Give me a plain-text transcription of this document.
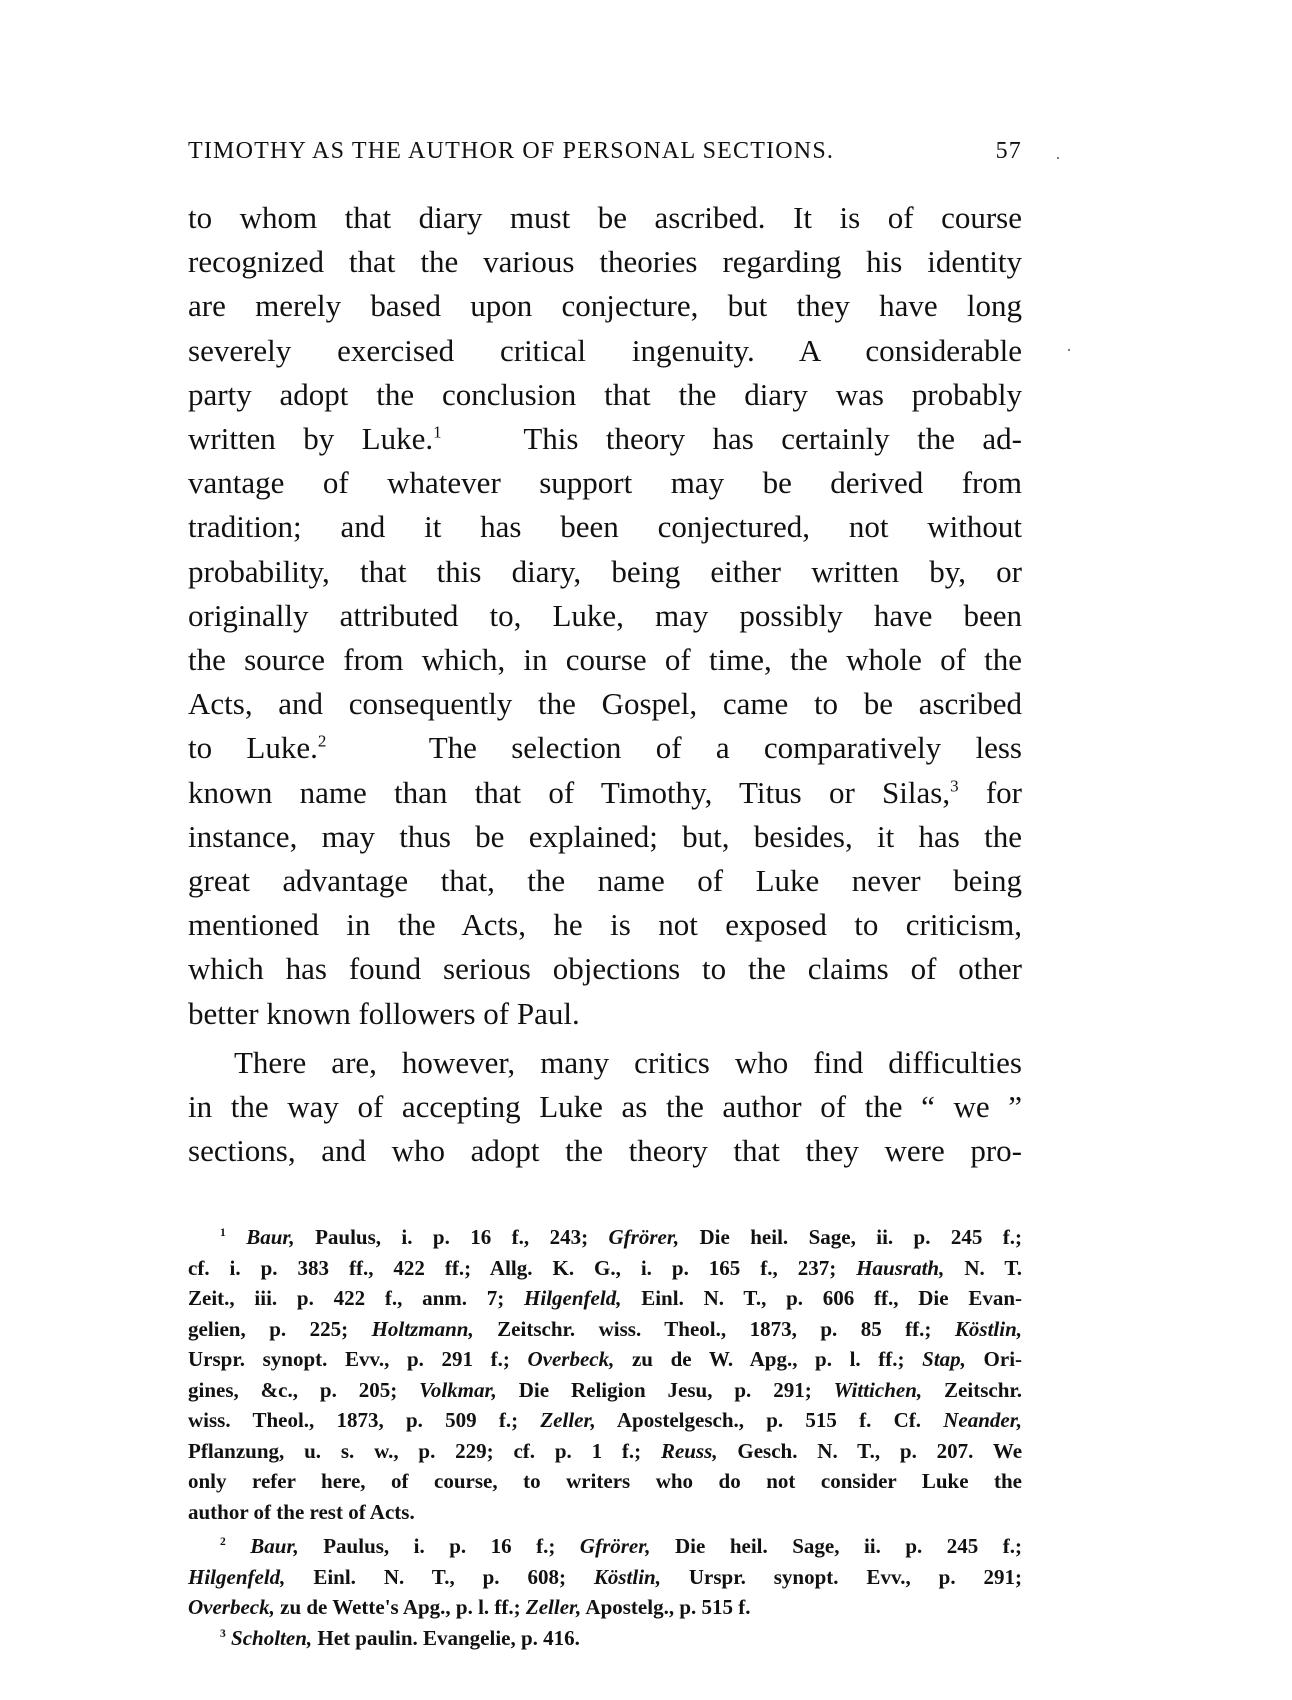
TIMOTHY AS THE AUTHOR OF PERSONAL SECTIONS.	57
to whom that diary must be ascribed. It is of course
recognized that the various theories regarding his identity
are merely based upon conjecture, but they have long
severely exercised critical ingenuity. A considerable
party adopt the conclusion that the diary was probably
written by Luke.$^1$	This theory has certainly the ad-
vantage of whatever support may be derived from
tradition; and it has been conjectured, not without
probability, that this diary, being either written by, or
originally attributed to, Luke, may possibly have been
the source from which, in course of time, the whole of the
Acts, and consequently the Gospel, came to be ascribed
to Luke.$^2$	The selection of a comparatively less
known name than that of Timothy, Titus or Silas,$^3$ for
instance, may thus be explained; but, besides, it has the
great advantage that, the name of Luke never being
mentioned in the Acts, he is not exposed to criticism,
which has found serious objections to the claims of other
better known followers of Paul.
There are, however, many critics who find difficulties
in the way of accepting Luke as the author of the “ we ”
sections, and who adopt the theory that they were pro-
$^1$ Baur, Paulus, i. p. 16 f., 243; Gfrörer, Die heil. Sage, ii. p. 245 f.;
cf. i. p. 383 ff., 422 ff.; Allg. K. G., i. p. 165 f., 237; Hausrath, N. T.
Zeit., iii. p. 422 f., anm. 7; Hilgenfeld, Einl. N. T., p. 606 ff., Die Evan-
gelien, p. 225; Holtzmann, Zeitschr. wiss. Theol., 1873, p. 85 ff.; Köstlin,
Urspr. synopt. Evv., p. 291 f.; Overbeck, zu de W. Apg., p. l. ff.; Stap, Ori-
gines, &c., p. 205; Volkmar, Die Religion Jesu, p. 291; Wittichen, Zeitschr.
wiss. Theol., 1873, p. 509 f.; Zeller, Apostelgesch., p. 515 f. Cf. Neander,
Pflanzung, u. s. w., p. 229; cf. p. 1 f.; Reuss, Gesch. N. T., p. 207. We
only refer here, of course, to writers who do not consider Luke the
author of the rest of Acts.
$^2$ Baur, Paulus, i. p. 16 f.; Gfrörer, Die heil. Sage, ii. p. 245 f.;
Hilgenfeld, Einl. N. T., p. 608; Köstlin, Urspr. synopt. Evv., p. 291;
Overbeck, zu de Wette's Apg., p. l. ff.; Zeller, Apostelg., p. 515 f.
$^3$ Scholten, Het paulin. Evangelie, p. 416.
·
·
